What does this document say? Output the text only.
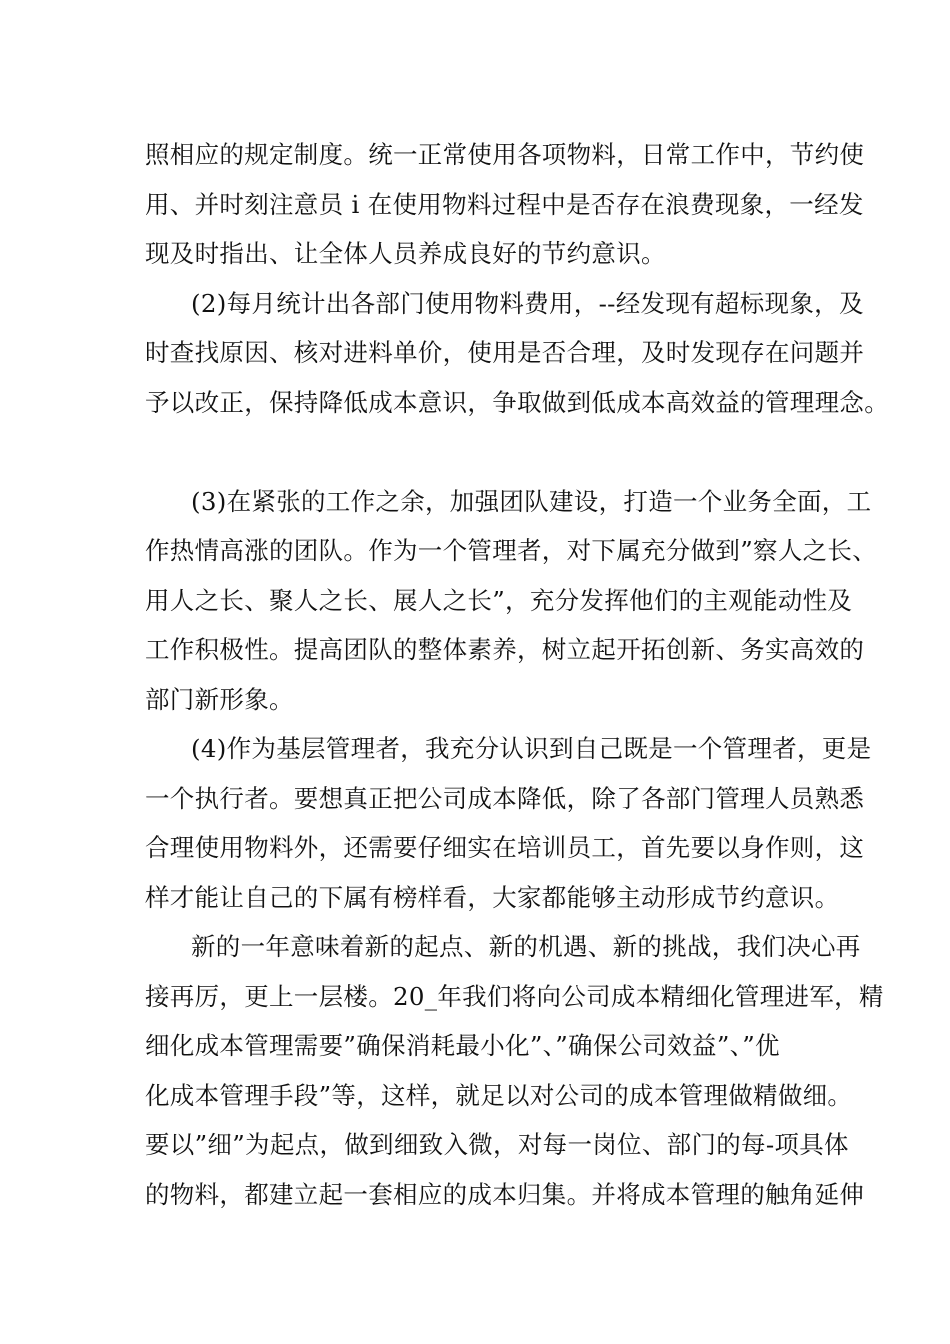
照相应的规定制度。统一正常使用各项物料，日常工作中，节约使
用、并时刻注意员 i 在使用物料过程中是否存在浪费现象，一经发
现及时指出、让全体人员养成良好的节约意识。

(2)每月统计出各部门使用物料费用，--经发现有超标现象，及
时查找原因、核对进料单价，使用是否合理，及时发现存在问题并
予以改正，保持降低成本意识，争取做到低成本高效益的管理理念。

(3)在紧张的工作之余，加强团队建设，打造一个业务全面，工
作热情高涨的团队。作为一个管理者，对下属充分做到”察人之长、
用人之长、聚人之长、展人之长”，充分发挥他们的主观能动性及
工作积极性。提高团队的整体素养，树立起开拓创新、务实高效的
部门新形象。

(4)作为基层管理者，我充分认识到自己既是一个管理者，更是
一个执行者。要想真正把公司成本降低，除了各部门管理人员熟悉
合理使用物料外，还需要仔细实在培训员工，首先要以身作则，这
样才能让自己的下属有榜样看，大家都能够主动形成节约意识。

新的一年意味着新的起点、新的机遇、新的挑战，我们决心再
接再厉，更上一层楼。20_年我们将向公司成本精细化管理进军，精
细化成本管理需要”确保消耗最小化”、”确保公司效益”、”优
化成本管理手段”等，这样，就足以对公司的成本管理做精做细。
要以”细”为起点，做到细致入微，对每一岗位、部门的每-项具体
的物料，都建立起一套相应的成本归集。并将成本管理的触角延伸
